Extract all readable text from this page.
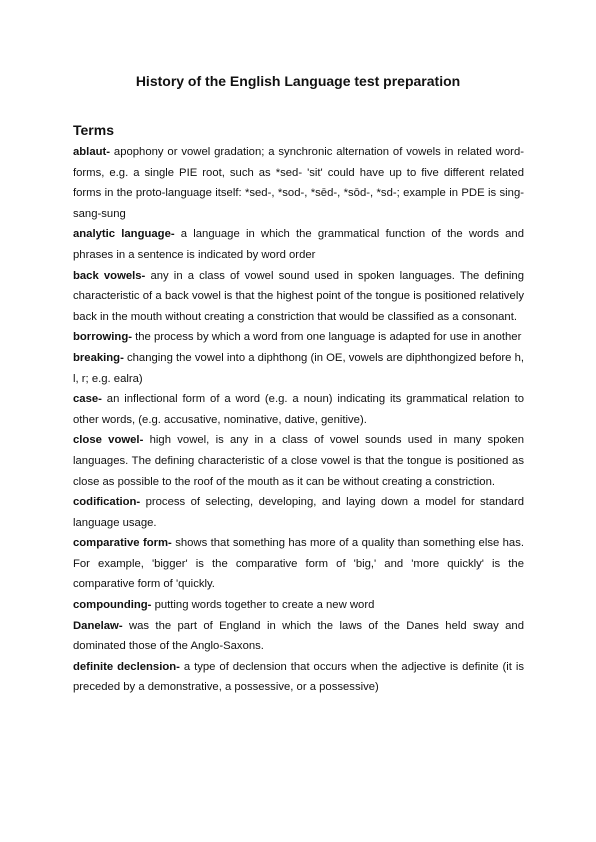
History of the English Language test preparation
Terms

ablaut- apophony or vowel gradation; a synchronic alternation of vowels in related word-forms, e.g. a single PIE root, such as *sed- 'sit' could have up to five different related forms in the proto-language itself: *sed-, *sod-, *sēd-, *sōd-, *sd-; example in PDE is sing-sang-sung

analytic language- a language in which the grammatical function of the words and phrases in a sentence is indicated by word order

back vowels- any in a class of vowel sound used in spoken languages. The defining characteristic of a back vowel is that the highest point of the tongue is positioned relatively back in the mouth without creating a constriction that would be classified as a consonant.

borrowing- the process by which a word from one language is adapted for use in another

breaking- changing the vowel into a diphthong (in OE, vowels are diphthongized before h, l, r; e.g. ealra)

case- an inflectional form of a word (e.g. a noun) indicating its grammatical relation to other words, (e.g. accusative, nominative, dative, genitive).

close vowel- high vowel, is any in a class of vowel sounds used in many spoken languages. The defining characteristic of a close vowel is that the tongue is positioned as close as possible to the roof of the mouth as it can be without creating a constriction.

codification- process of selecting, developing, and laying down a model for standard language usage.

comparative form- shows that something has more of a quality than something else has. For example, 'bigger' is the comparative form of 'big,' and 'more quickly' is the comparative form of 'quickly.

compounding- putting words together to create a new word

Danelaw- was the part of England in which the laws of the Danes held sway and dominated those of the Anglo-Saxons.

definite declension- a type of declension that occurs when the adjective is definite (it is preceded by a demonstrative, a possessive, or a possessive)
